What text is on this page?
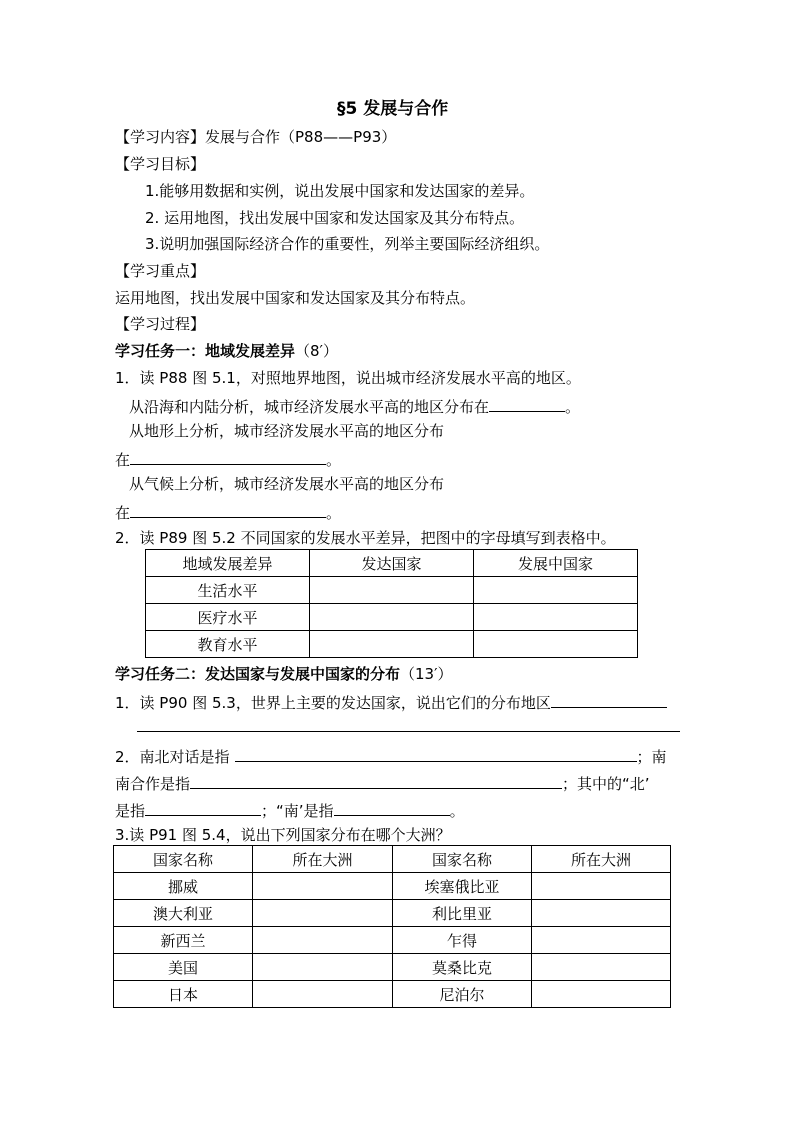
§5 发展与合作
【学习内容】发展与合作（P88——P93）
【学习目标】
1.能够用数据和实例，说出发展中国家和发达国家的差异。
2. 运用地图，找出发展中国家和发达国家及其分布特点。
3.说明加强国际经济合作的重要性，列举主要国际经济组织。
【学习重点】
运用地图，找出发展中国家和发达国家及其分布特点。
【学习过程】
学习任务一：地域发展差异（8′）
1．读 P88 图 5.1，对照地界地图，说出城市经济发展水平高的地区。
从沿海和内陆分析，城市经济发展水平高的地区分布在	。
从地形上分析，城市经济发展水平高的地区分布
在	。
从气候上分析，城市经济发展水平高的地区分布
在	。
2．读 P89 图 5.2 不同国家的发展水平差异，把图中的字母填写到表格中。
地域发展差异	发达国家	发展中国家
生活水平		
医疗水平		
教育水平		
学习任务二：发达国家与发展中国家的分布（13′）
1．读 P90 图 5.3，世界上主要的发达国家，说出它们的分布地区
2．南北对话是指	；南
南合作是指	；其中的“北’
是指	；“南’是指	。
3.读 P91 图 5.4，说出下列国家分布在哪个大洲？
国家名称	所在大洲	国家名称	所在大洲
挪威		埃塞俄比亚	
澳大利亚		利比里亚	
新西兰		乍得	
美国		莫桑比克	
日本		尼泊尔	
